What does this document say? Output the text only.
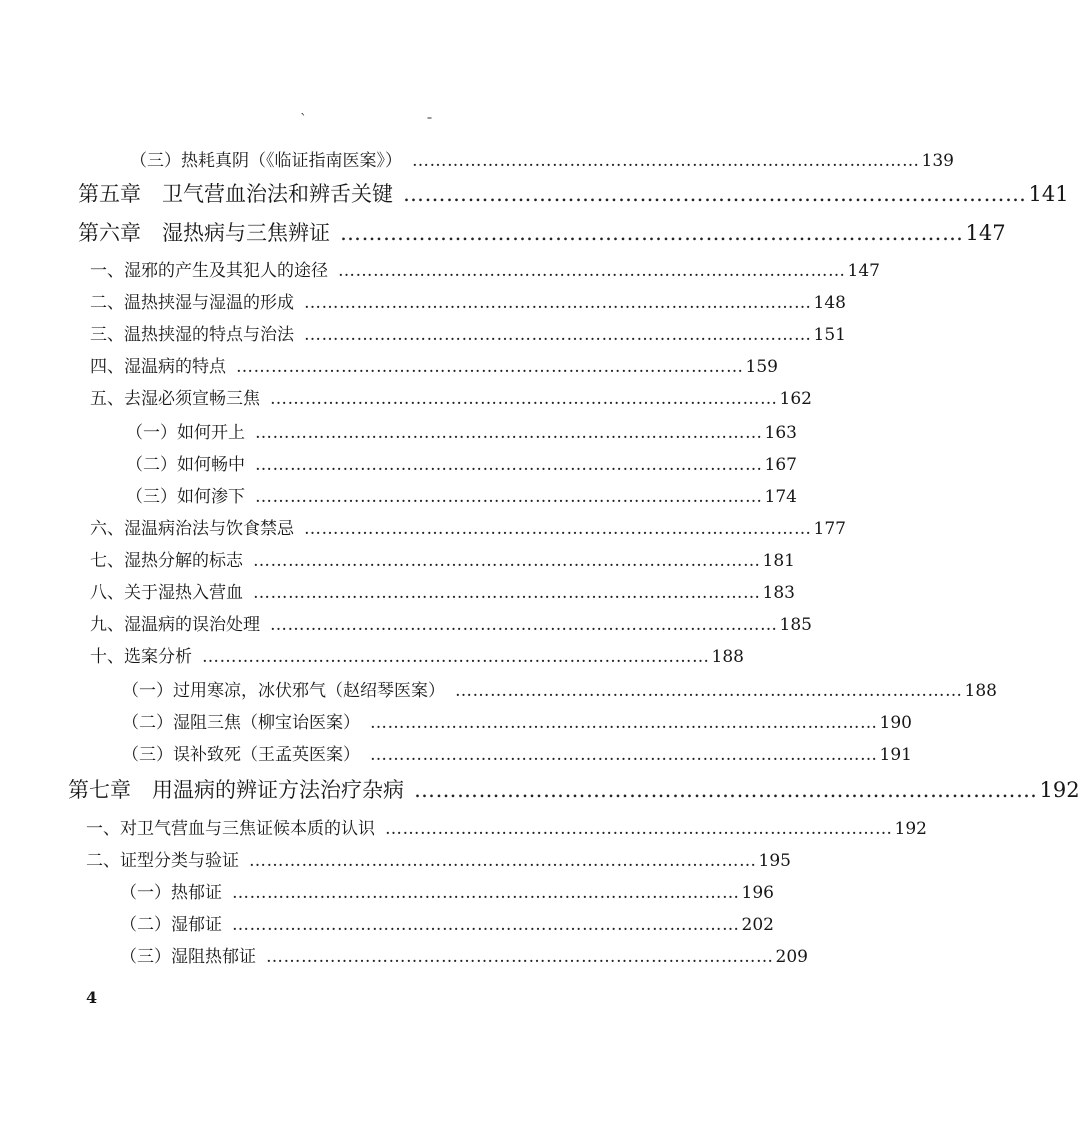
ˋ	ˉ
（三）热耗真阴（《临证指南医案》） …………………………………………………………………………… 139
第五章　卫气营血治法和辨舌关键 …………………………………………………………………………… 141
第六章　湿热病与三焦辨证 …………………………………………………………………………… 147
一、湿邪的产生及其犯人的途径 …………………………………………………………………………… 147
二、温热挟湿与湿温的形成 …………………………………………………………………………… 148
三、温热挟湿的特点与治法 …………………………………………………………………………… 151
四、湿温病的特点 …………………………………………………………………………… 159
五、去湿必须宣畅三焦 …………………………………………………………………………… 162
（一）如何开上 …………………………………………………………………………… 163
（二）如何畅中 …………………………………………………………………………… 167
（三）如何渗下 …………………………………………………………………………… 174
六、湿温病治法与饮食禁忌 …………………………………………………………………………… 177
七、湿热分解的标志 …………………………………………………………………………… 181
八、关于湿热入营血 …………………………………………………………………………… 183
九、湿温病的误治处理 …………………………………………………………………………… 185
十、选案分析 …………………………………………………………………………… 188
（一）过用寒凉，冰伏邪气（赵绍琴医案） …………………………………………………………………………… 188
（二）湿阻三焦（柳宝诒医案） …………………………………………………………………………… 190
（三）误补致死（王孟英医案） …………………………………………………………………………… 191
第七章　用温病的辨证方法治疗杂病 …………………………………………………………………………… 192
一、对卫气营血与三焦证候本质的认识 …………………………………………………………………………… 192
二、证型分类与验证 …………………………………………………………………………… 195
（一）热郁证 …………………………………………………………………………… 196
（二）湿郁证 …………………………………………………………………………… 202
（三）湿阻热郁证 …………………………………………………………………………… 209
4
